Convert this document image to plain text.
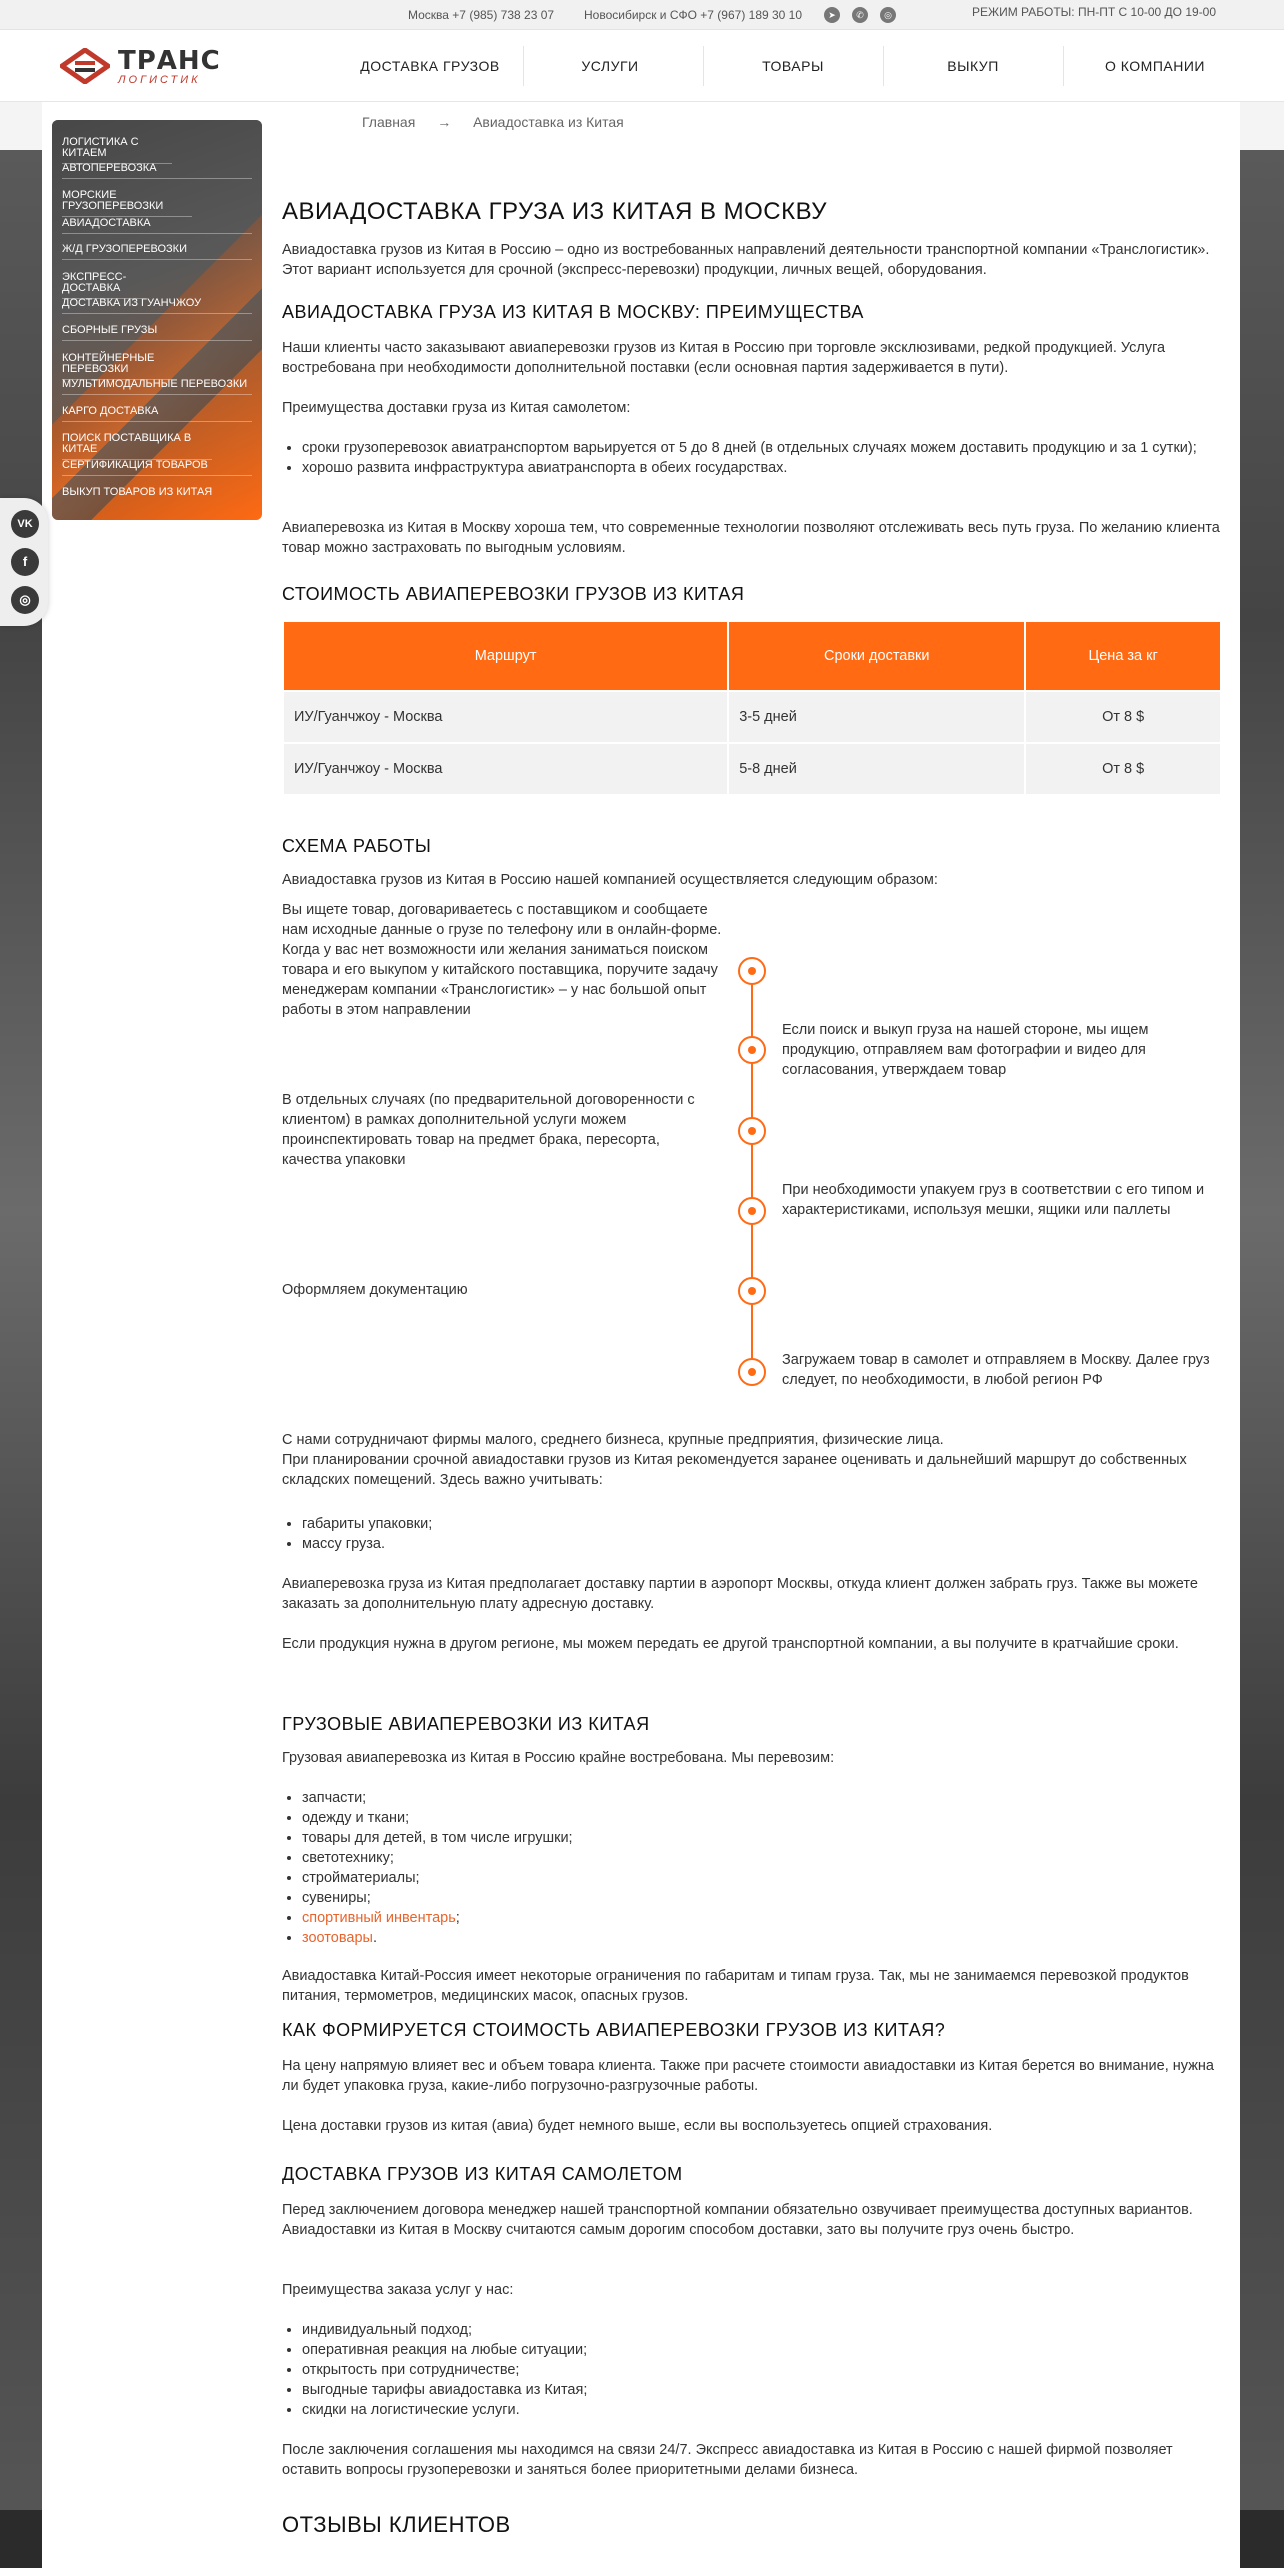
Москва +7 (985) 738 23 07 Новосибирск и СФО +7 (967) 189 30 10	➤	✆	◎	РЕЖИМ РАБОТЫ: ПН-ПТ С 10-00 ДО 19-00
ТРАНС
ЛОГИСТИК
ДОСТАВКА ГРУЗОВ	УСЛУГИ	ТОВАРЫ	ВЫКУП	О КОМПАНИИ
ЛОГИСТИКА С КИТАЕМ
АВТОПЕРЕВОЗКА
МОРСКИЕ ГРУЗОПЕРЕВОЗКИ
АВИАДОСТАВКА
Ж/Д ГРУЗОПЕРЕВОЗКИ
ЭКСПРЕСС-ДОСТАВКА
ДОСТАВКА ИЗ ГУАНЧЖОУ
СБОРНЫЕ ГРУЗЫ
КОНТЕЙНЕРНЫЕ ПЕРЕВОЗКИ
МУЛЬТИМОДАЛЬНЫЕ ПЕРЕВОЗКИ
КАРГО ДОСТАВКА
ПОИСК ПОСТАВЩИКА В КИТАЕ
СЕРТИФИКАЦИЯ ТОВАРОВ
ВЫКУП ТОВАРОВ ИЗ КИТАЯ
VK
f
◎
Главная → Авиадоставка из Китая
АВИАДОСТАВКА ГРУЗА ИЗ КИТАЯ В МОСКВУ

Авиадоставка грузов из Китая в Россию – одно из востребованных направлений деятельности транспортной компании «Транслогистик». Этот вариант используется для срочной (экспресс-перевозки) продукции, личных вещей, оборудования.

АВИАДОСТАВКА ГРУЗА ИЗ КИТАЯ В МОСКВУ: ПРЕИМУЩЕСТВА

Наши клиенты часто заказывают авиаперевозки грузов из Китая в Россию при торговле эксклюзивами, редкой продукцией. Услуга востребована при необходимости дополнительной поставки (если основная партия задерживается в пути).

Преимущества доставки груза из Китая самолетом:

• сроки грузоперевозок авиатранспортом варьируется от 5 до 8 дней (в отдельных случаях можем доставить продукцию и за 1 сутки);
• хорошо развита инфраструктура авиатранспорта в обеих государствах.

Авиаперевозка из Китая в Москву хороша тем, что современные технологии позволяют отслеживать весь путь груза. По желанию клиента товар можно застраховать по выгодным условиям.

СТОИМОСТЬ АВИАПЕРЕВОЗКИ ГРУЗОВ ИЗ КИТАЯ
Маршрут	Сроки доставки	Цена за кг
ИУ/Гуанчжоу - Москва	3-5 дней	От 8 $
ИУ/Гуанчжоу - Москва	5-8 дней	От 8 $
СХЕМА РАБОТЫ

Авиадоставка грузов из Китая в Россию нашей компанией осуществляется следующим образом:

Вы ищете товар, договариваетесь с поставщиком и сообщаете нам исходные данные о грузе по телефону или в онлайн-форме. Когда у вас нет возможности или желания заниматься поиском товара и его выкупом у китайского поставщика, поручите задачу менеджерам компании «Транслогистик» – у нас большой опыт работы в этом направлении
Если поиск и выкуп груза на нашей стороне, мы ищем продукцию, отправляем вам фотографии и видео для согласования, утверждаем товар
В отдельных случаях (по предварительной договоренности с клиентом) в рамках дополнительной услуги можем проинспектировать товар на предмет брака, пересорта, качества упаковки
При необходимости упакуем груз в соответствии с его типом и характеристиками, используя мешки, ящики или паллеты
Оформляем документацию
Загружаем товар в самолет и отправляем в Москву. Далее груз следует, по необходимости, в любой регион РФ

С нами сотрудничают фирмы малого, среднего бизнеса, крупные предприятия, физические лица.

При планировании срочной авиадоставки грузов из Китая рекомендуется заранее оценивать и дальнейший маршрут до собственных складских помещений. Здесь важно учитывать:

• габариты упаковки;
• массу груза.

Авиаперевозка груза из Китая предполагает доставку партии в аэропорт Москвы, откуда клиент должен забрать груз. Также вы можете заказать за дополнительную плату адресную доставку.

Если продукция нужна в другом регионе, мы можем передать ее другой транспортной компании, а вы получите в кратчайшие сроки.

ГРУЗОВЫЕ АВИАПЕРЕВОЗКИ ИЗ КИТАЯ

Грузовая авиаперевозка из Китая в Россию крайне востребована. Мы перевозим:

• запчасти;
• одежду и ткани;
• товары для детей, в том числе игрушки;
• светотехнику;
• стройматериалы;
• сувениры;
• спортивный инвентарь;
• зоотовары.

Авиадоставка Китай-Россия имеет некоторые ограничения по габаритам и типам груза. Так, мы не занимаемся перевозкой продуктов питания, термометров, медицинских масок, опасных грузов.

КАК ФОРМИРУЕТСЯ СТОИМОСТЬ АВИАПЕРЕВОЗКИ ГРУЗОВ ИЗ КИТАЯ?

На цену напрямую влияет вес и объем товара клиента. Также при расчете стоимости авиадоставки из Китая берется во внимание, нужна ли будет упаковка груза, какие-либо погрузочно-разгрузочные работы.

Цена доставки грузов из китая (авиа) будет немного выше, если вы воспользуетесь опцией страхования.

ДОСТАВКА ГРУЗОВ ИЗ КИТАЯ САМОЛЕТОМ

Перед заключением договора менеджер нашей транспортной компании обязательно озвучивает преимущества доступных вариантов. Авиадоставки из Китая в Москву считаются самым дорогим способом доставки, зато вы получите груз очень быстро.

Преимущества заказа услуг у нас:

• индивидуальный подход;
• оперативная реакция на любые ситуации;
• открытость при сотрудничестве;
• выгодные тарифы авиадоставка из Китая;
• скидки на логистические услуги.

После заключения соглашения мы находимся на связи 24/7. Экспресс авиадоставка из Китая в Россию с нашей фирмой позволяет оставить вопросы грузоперевозки и заняться более приоритетными делами бизнеса.

ОТЗЫВЫ КЛИЕНТОВ
